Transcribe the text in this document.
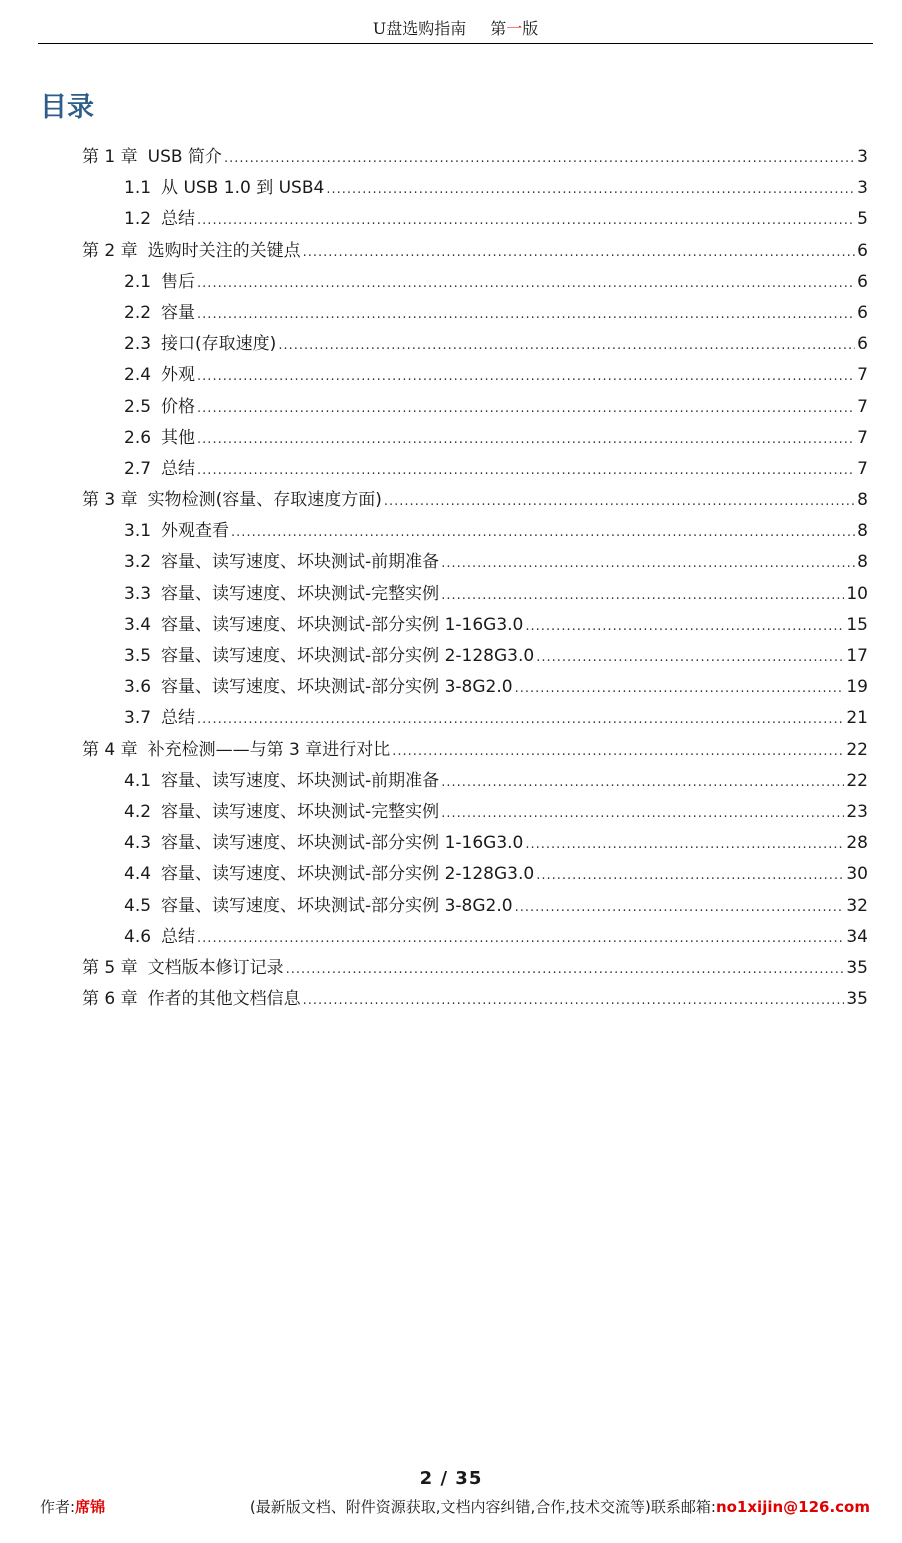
U盘选购指南 第一版
目录
第 1 章 USB 简介 .....	3
1.1 从 USB 1.0 到 USB4 .....	3
1.2 总结 .....	5
第 2 章 选购时关注的关键点 .....	6
2.1 售后 .....	6
2.2 容量 .....	6
2.3 接口(存取速度) .....	6
2.4 外观 .....	7
2.5 价格 .....	7
2.6 其他 .....	7
2.7 总结 .....	7
第 3 章 实物检测(容量、存取速度方面) .....	8
3.1 外观查看 .....	8
3.2 容量、读写速度、坏块测试-前期准备 .....	8
3.3 容量、读写速度、坏块测试-完整实例 .....	10
3.4 容量、读写速度、坏块测试-部分实例 1-16G3.0 .....	15
3.5 容量、读写速度、坏块测试-部分实例 2-128G3.0 .....	17
3.6 容量、读写速度、坏块测试-部分实例 3-8G2.0 .....	19
3.7 总结 .....	21
第 4 章 补充检测——与第 3 章进行对比 .....	22
4.1 容量、读写速度、坏块测试-前期准备 .....	22
4.2 容量、读写速度、坏块测试-完整实例 .....	23
4.3 容量、读写速度、坏块测试-部分实例 1-16G3.0 .....	28
4.4 容量、读写速度、坏块测试-部分实例 2-128G3.0 .....	30
4.5 容量、读写速度、坏块测试-部分实例 3-8G2.0 .....	32
4.6 总结 .....	34
第 5 章 文档版本修订记录 .....	35
第 6 章 作者的其他文档信息 .....	35
2 / 35
作者:席锦	(最新版文档、附件资源获取,文档内容纠错,合作,技术交流等)联系邮箱:no1xijin@126.com
